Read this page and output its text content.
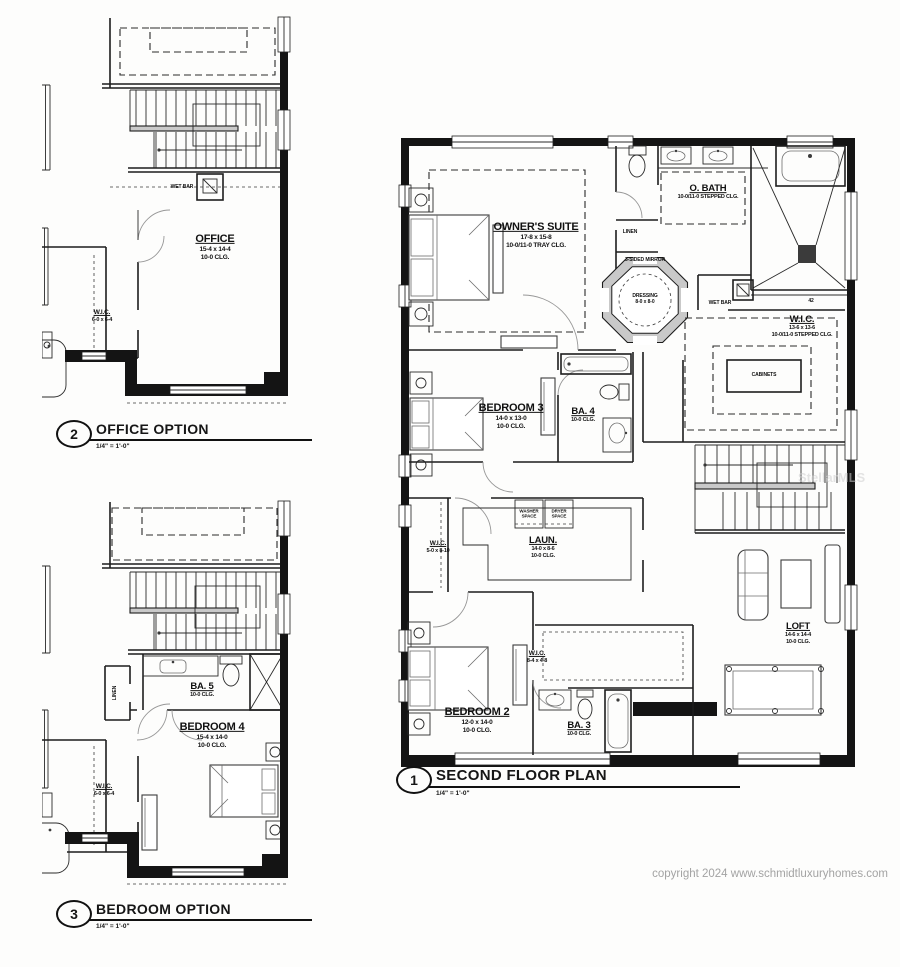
OFFICE
15-4 x 14-4
10-0 CLG.
W.I.C.
6-0 x 6-4
WET BAR
2	OFFICE OPTION
1/4" = 1'-0"
BEDROOM 4
15-4 x 14-0
10-0 CLG.
BA. 5
10-0 CLG.
LINEN
W.I.C.
6-0 x 6-4
3	BEDROOM OPTION
1/4" = 1'-0"
OWNER'S SUITE
17-8 x 15-8
10-0/11-0 TRAY CLG.
O. BATH
10-0/11-0 STEPPED CLG.
3-SIDED MIRROR
DRESSING
8-0 x 8-0
LINEN
WET BAR
W.I.C.
13-6 x 13-6
10-0/11-0 STEPPED CLG.
CABINETS
BEDROOM 3
14-0 x 13-0
10-0 CLG.
BA. 4
10-0 CLG.
W.I.C.
5-0 x 8-10
LAUN.
14-0 x 8-6
10-0 CLG.
WASHER SPACE
DRYER SPACE
BEDROOM 2
12-0 x 14-0
10-0 CLG.
W.I.C.
8-4 x 4-8
BA. 3
10-0 CLG.
LOFT
14-6 x 14-4
10-0 CLG.
42
1	SECOND FLOOR PLAN
1/4" = 1'-0"
StellarMLS
copyright 2024 www.schmidtluxuryhomes.com
